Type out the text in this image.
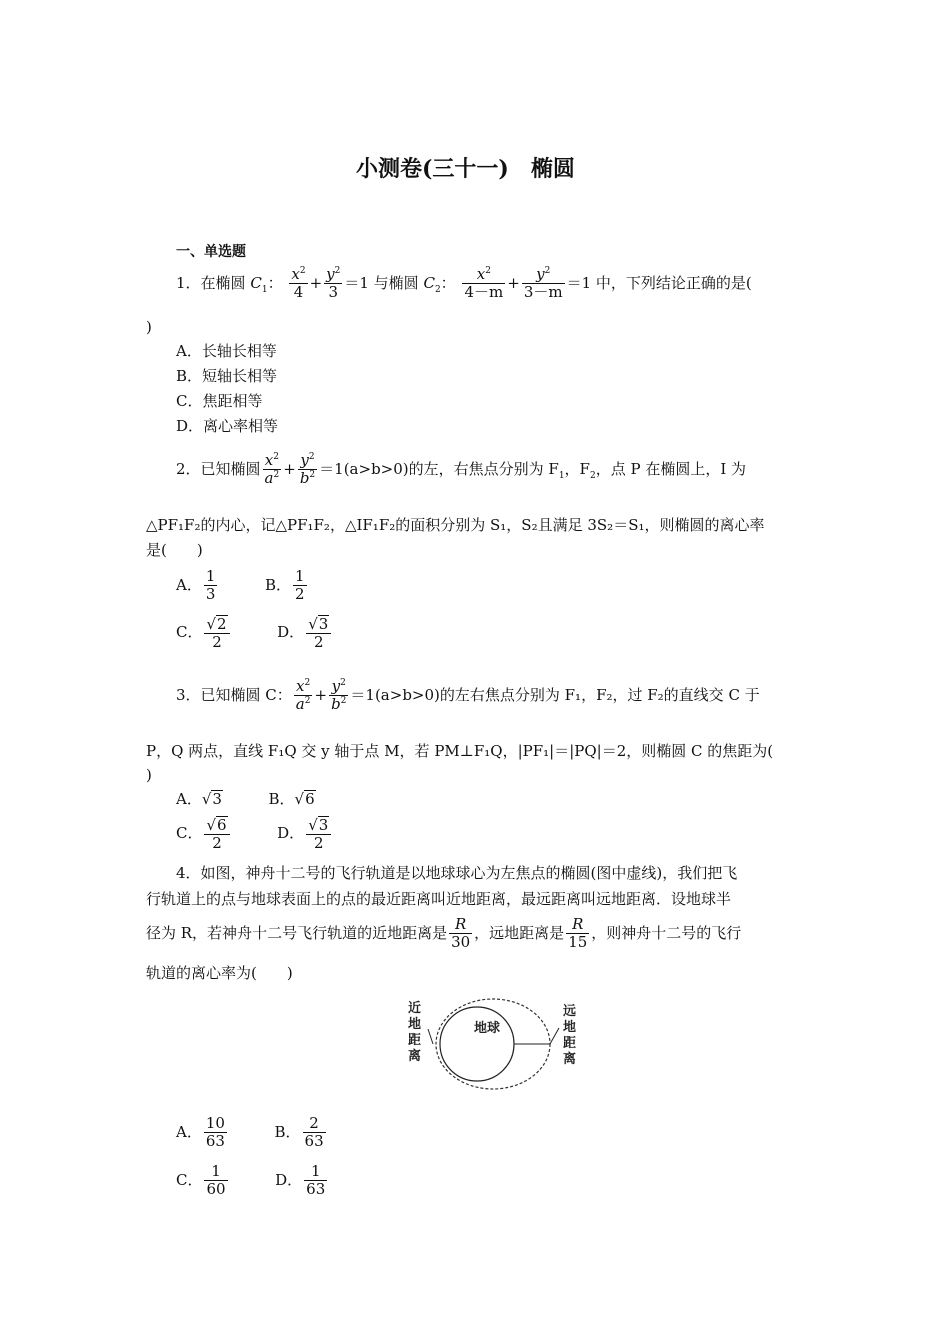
小测卷(三十一)　椭圆
一、单选题
1．在椭圆 $C_1$： $\frac{x^2}{4} + \frac{y^2}{3} =1$ 与椭圆 $C_2$： $\frac{x^2}{4-m} + \frac{y^2}{3-m} =1$ 中，下列结论正确的是(
)
A．长轴长相等
B．短轴长相等
C．焦距相等
D．离心率相等
2．已知椭圆 $\frac{x^2}{a^2} + \frac{y^2}{b^2} =1(a>b>0)$的左，右焦点分别为 $F_1$，$F_2$，点 P 在椭圆上，I 为
△PF₁F₂的内心，记△PF₁F₂，△IF₁F₂的面积分别为 S₁，S₂且满足 3S₂＝S₁，则椭圆的离心率
是(　　)
A． $\frac{1}{3}$	B． $\frac{1}{2}$
C． $\frac{√2}{2}$	D． $\frac{√3}{2}$
3．已知椭圆 C： $\frac{x^2}{a^2} + \frac{y^2}{b^2} =1(a>b>0)$的左右焦点分别为 F₁，F₂，过 F₂的直线交 C 于
P，Q 两点，直线 F₁Q 交 y 轴于点 M，若 PM⊥F₁Q，|PF₁|＝|PQ|＝2，则椭圆 C 的焦距为(
)
A．√3	B．√6
C． $\frac{√6}{2}$	D． $\frac{√3}{2}$
4．如图，神舟十二号的飞行轨道是以地球球心为左焦点的椭圆(图中虚线)，我们把飞
行轨道上的点与地球表面上的点的最近距离叫近地距离，最远距离叫远地距离．设地球半
径为 R，若神舟十二号飞行轨道的近地距离是 $\frac{R}{30}$ ，远地距离是 $\frac{R}{15}$ ，则神舟十二号的飞行
轨道的离心率为(　　)
地球
近
地
距
离
远
地
距
离
A． $\frac{10}{63}$	B． $\frac{2}{63}$
C． $\frac{1}{60}$	D． $\frac{1}{63}$
